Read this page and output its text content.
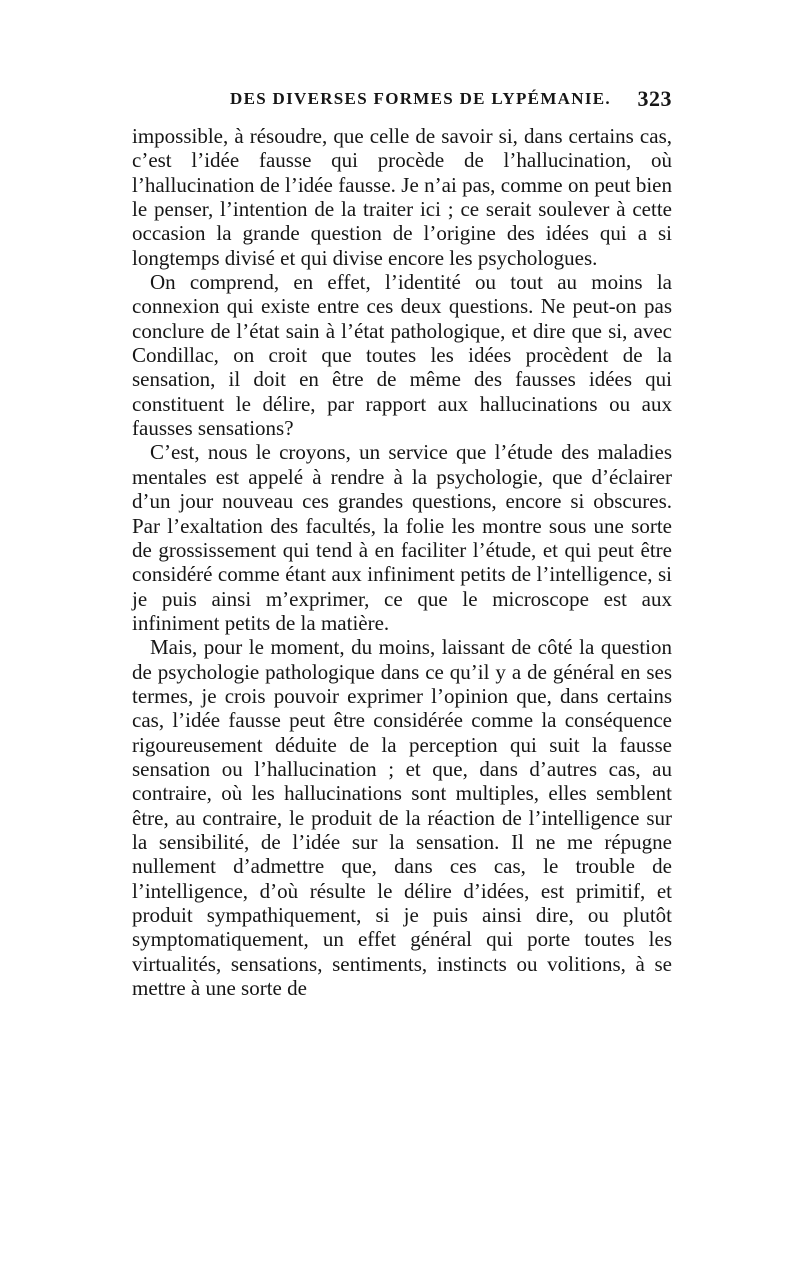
DES DIVERSES FORMES DE LYPÉMANIE. 323

impossible, à résoudre, que celle de savoir si, dans certains cas, c’est l’idée fausse qui procède de l’hallucination, où l’hallucination de l’idée fausse. Je n’ai pas, comme on peut bien le penser, l’intention de la traiter ici ; ce serait soulever à cette occasion la grande question de l’origine des idées qui a si longtemps divisé et qui divise encore les psychologues.

On comprend, en effet, l’identité ou tout au moins la connexion qui existe entre ces deux questions. Ne peut-on pas conclure de l’état sain à l’état pathologique, et dire que si, avec Condillac, on croit que toutes les idées procèdent de la sensation, il doit en être de même des fausses idées qui constituent le délire, par rapport aux hallucinations ou aux fausses sensations?

C’est, nous le croyons, un service que l’étude des maladies mentales est appelé à rendre à la psychologie, que d’éclairer d’un jour nouveau ces grandes questions, encore si obscures. Par l’exaltation des facultés, la folie les montre sous une sorte de grossissement qui tend à en faciliter l’étude, et qui peut être considéré comme étant aux infiniment petits de l’intelligence, si je puis ainsi m’exprimer, ce que le microscope est aux infiniment petits de la matière.

Mais, pour le moment, du moins, laissant de côté la question de psychologie pathologique dans ce qu’il y a de général en ses termes, je crois pouvoir exprimer l’opinion que, dans certains cas, l’idée fausse peut être considérée comme la conséquence rigoureusement déduite de la perception qui suit la fausse sensation ou l’hallucination ; et que, dans d’autres cas, au contraire, où les hallucinations sont multiples, elles semblent être, au contraire, le produit de la réaction de l’intelligence sur la sensibilité, de l’idée sur la sensation. Il ne me répugne nullement d’admettre que, dans ces cas, le trouble de l’intelligence, d’où résulte le délire d’idées, est primitif, et produit sympathiquement, si je puis ainsi dire, ou plutôt symptomatiquement, un effet général qui porte toutes les virtualités, sensations, sentiments, instincts ou volitions, à se mettre à une sorte de
